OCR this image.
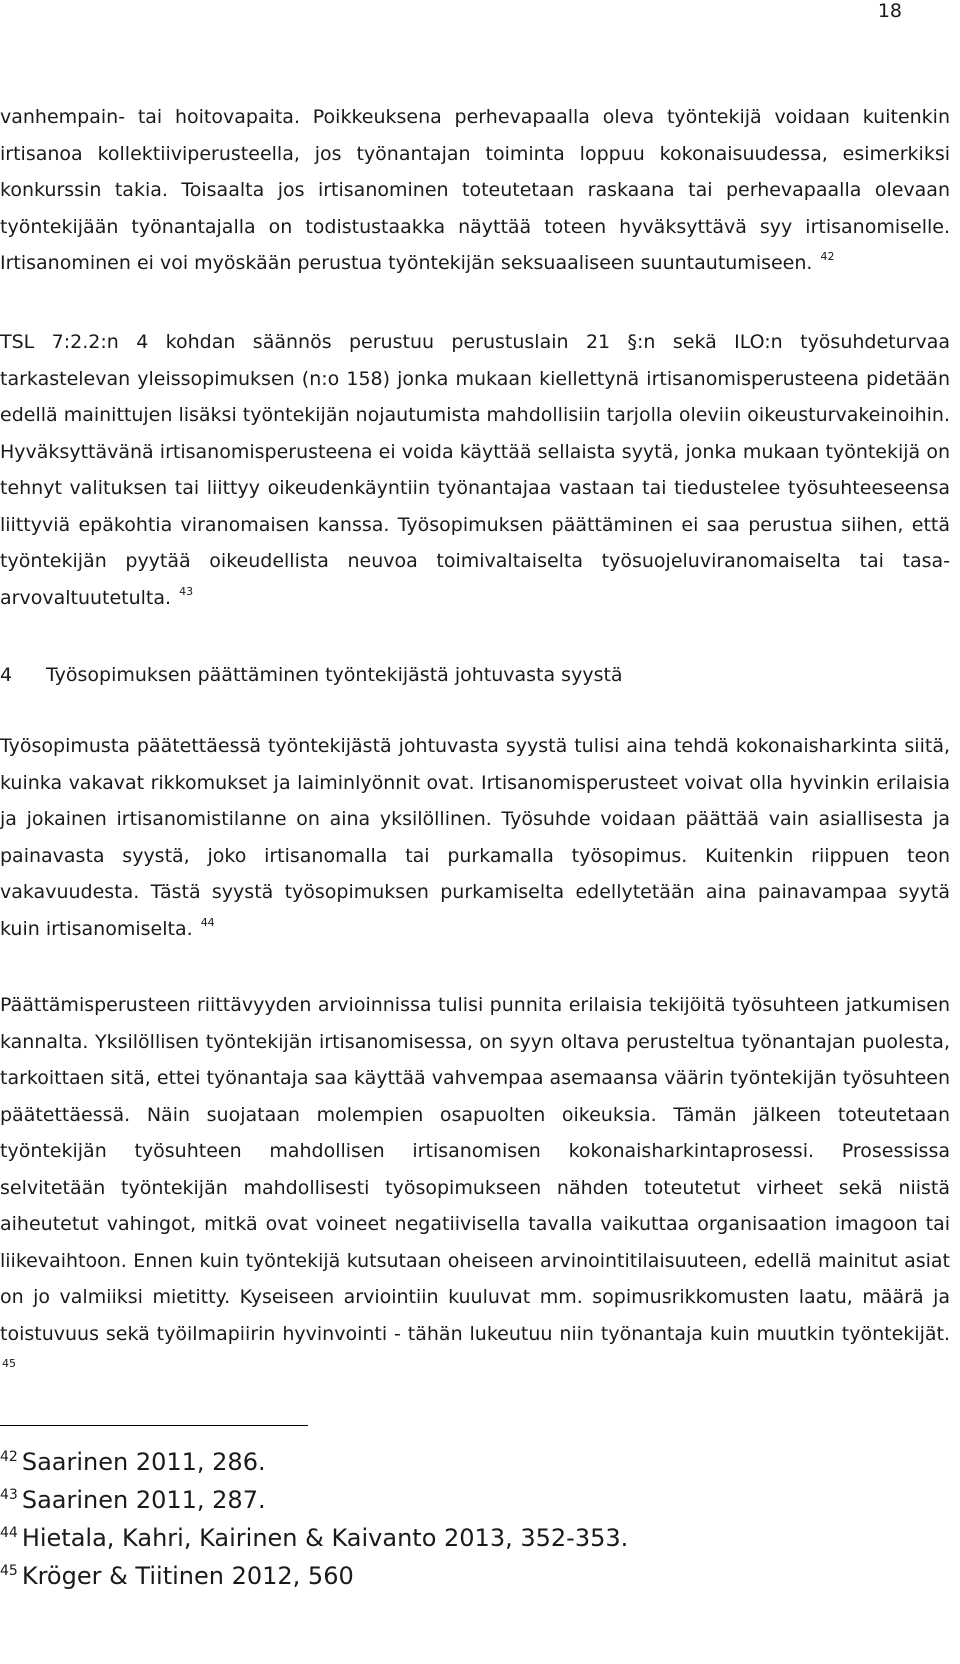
18

vanhempain- tai hoitovapaita. Poikkeuksena perhevapaalla oleva työntekijä voidaan kuitenkin irtisanoa kollektiiviperusteella, jos työnantajan toiminta loppuu kokonaisuudessa, esimerkiksi konkurssin takia. Toisaalta jos irtisanominen toteutetaan raskaana tai perhevapaalla olevaan työntekijään työnantajalla on todistustaakka näyttää toteen hyväksyttävä syy irtisanomiselle. Irtisanominen ei voi myöskään perustua työntekijän seksuaaliseen suuntautumiseen. $^{42}$

TSL 7:2.2:n 4 kohdan säännös perustuu perustuslain 21 §:n sekä ILO:n työsuhdeturvaa tarkastelevan yleissopimuksen (n:o 158) jonka mukaan kiellettynä irtisanomisperusteena pidetään edellä mainittujen lisäksi työntekijän nojautumista mahdollisiin tarjolla oleviin oikeusturvakeinoihin. Hyväksyttävänä irtisanomisperusteena ei voida käyttää sellaista syytä, jonka mukaan työntekijä on tehnyt valituksen tai liittyy oikeudenkäyntiin työnantajaa vastaan tai tiedustelee työsuhteeseensa liittyviä epäkohtia viranomaisen kanssa. Työsopimuksen päättäminen ei saa perustua siihen, että työntekijän pyytää oikeudellista neuvoa toimivaltaiselta työsuojeluviranomaiselta tai tasa-arvovaltuutetulta. $^{43}$

4 Työsopimuksen päättäminen työntekijästä johtuvasta syystä

Työsopimusta päätettäessä työntekijästä johtuvasta syystä tulisi aina tehdä kokonaisharkinta siitä, kuinka vakavat rikkomukset ja laiminlyönnit ovat. Irtisanomisperusteet voivat olla hyvinkin erilaisia ja jokainen irtisanomistilanne on aina yksilöllinen. Työsuhde voidaan päättää vain asiallisesta ja painavasta syystä, joko irtisanomalla tai purkamalla työsopimus. Kuitenkin riippuen teon vakavuudesta. Tästä syystä työsopimuksen purkamiselta edellytetään aina painavampaa syytä kuin irtisanomiselta. $^{44}$

Päättämisperusteen riittävyyden arvioinnissa tulisi punnita erilaisia tekijöitä työsuhteen jatkumisen kannalta. Yksilöllisen työntekijän irtisanomisessa, on syyn oltava perusteltua työnantajan puolesta, tarkoittaen sitä, ettei työnantaja saa käyttää vahvempaa asemaansa väärin työntekijän työsuhteen päätettäessä. Näin suojataan molempien osapuolten oikeuksia. Tämän jälkeen toteutetaan työntekijän työsuhteen mahdollisen irtisanomisen kokonaisharkintaprosessi. Prosessissa selvitetään työntekijän mahdollisesti työsopimukseen nähden toteutetut virheet sekä niistä aiheutetut vahingot, mitkä ovat voineet negatiivisella tavalla vaikuttaa organisaation imagoon tai liikevaihtoon. Ennen kuin työntekijä kutsutaan oheiseen arvinointitilaisuuteen, edellä mainitut asiat on jo valmiiksi mietitty. Kyseiseen arviointiin kuuluvat mm. sopimusrikkomusten laatu, määrä ja toistuvuus sekä työilmapiirin hyvinvointi - tähän lukeutuu niin työnantaja kuin muutkin työntekijät. $^{45}$

$^{42}$ Saarinen 2011, 286.
$^{43}$ Saarinen 2011, 287.
$^{44}$ Hietala, Kahri, Kairinen & Kaivanto 2013, 352-353.
$^{45}$ Kröger & Tiitinen 2012, 560
